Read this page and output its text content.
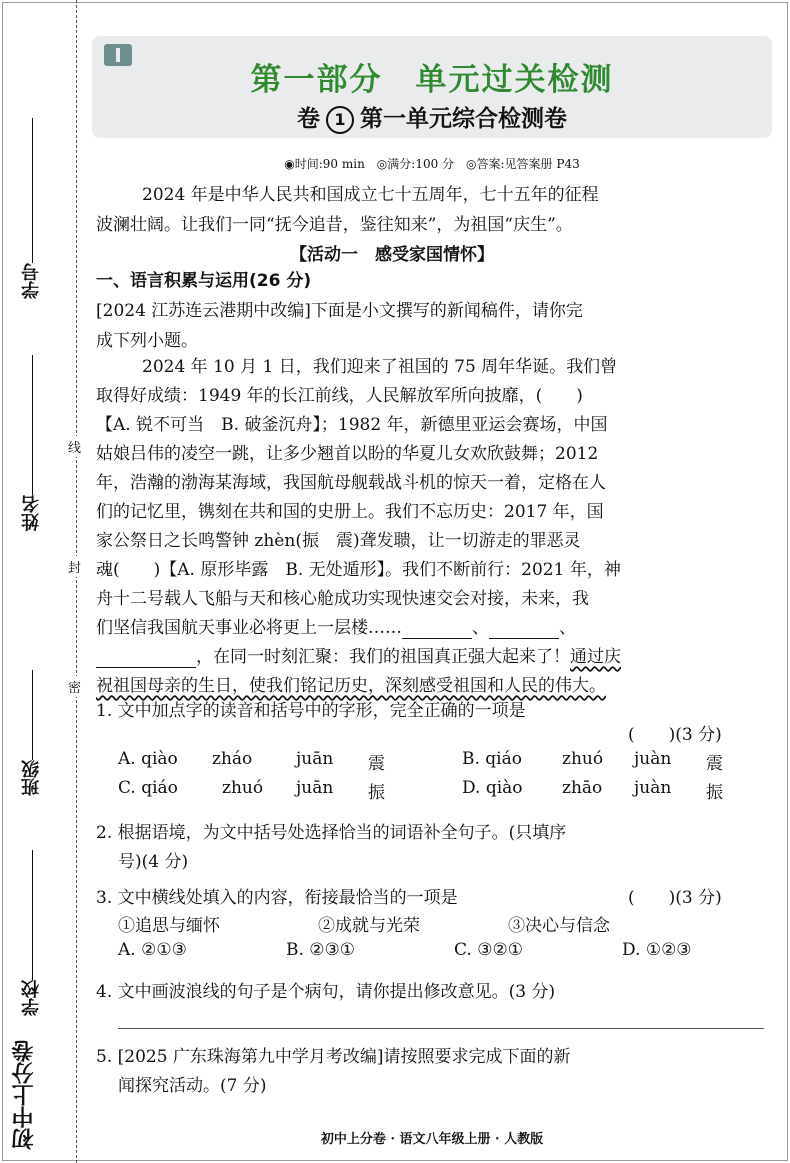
线
封
密
学号
姓名
班级
学校
初中上分卷
第一部分　单元过关检测
卷 1 第一单元综合检测卷
◉时间:90 min　◎满分:100 分　◎答案:见答案册 P43
2024 年是中华人民共和国成立七十五周年，七十五年的征程
波澜壮阔。让我们一同“抚今追昔，鉴往知来”，为祖国“庆生”。
【活动一　感受家国情怀】
一、语言积累与运用(26 分)
[2024 江苏连云港期中改编]下面是小文撰写的新闻稿件，请你完
成下列小题。
2024 年 10 月 1 日，我们迎来了祖国的 75 周年华诞。我们曾
取得好成绩：1949 年的长江前线，人民解放军所向披靡，(　　)
【A. 锐不可当　B. 破釜沉舟】；1982 年，新德里亚运会赛场，中国
姑娘吕伟的凌空一跳，让多少翘首以盼的华夏儿女欢欣鼓舞；2012
年，浩瀚的渤海某海域，我国航母舰载战斗机的惊天一着，定格在人
们的记忆里，镌刻在共和国的史册上。我们不忘历史：2017 年，国
家公祭日之长鸣警钟 zhèn(振　震)聋发聩，让一切游走的罪恶灵
魂(　　)【A. 原形毕露　B. 无处遁形】。我们不断前行：2021 年，神
舟十二号载人飞船与天和核心舱成功实现快速交会对接，未来，我
们坚信我国航天事业必将更上一层楼……	、	、
，在同一时刻汇聚：我们的祖国真正强大起来了！通过庆
祝祖国母亲的生日，使我们铭记历史，深刻感受祖国和人民的伟大。
1. 文中加点字的读音和括号中的字形，完全正确的一项是
(　　)(3 分)
A. qiào zháo	juān 震	B. qiáo zhuó juàn 震
C. qiáo	zhuó juān 振	D. qiào zhāo juàn 振
2. 根据语境，为文中括号处选择恰当的词语补全句子。(只填序
号)(4 分)
3. 文中横线处填入的内容，衔接最恰当的一项是	(　　)(3 分)
①追思与缅怀	②成就与光荣	③决心与信念
A. ②①③	B. ②③①	C. ③②①	D. ①②③
4. 文中画波浪线的句子是个病句，请你提出修改意见。(3 分)
5. [2025 广东珠海第九中学月考改编]请按照要求完成下面的新
闻探究活动。(7 分)
初中上分卷 · 语文八年级上册 · 人教版
